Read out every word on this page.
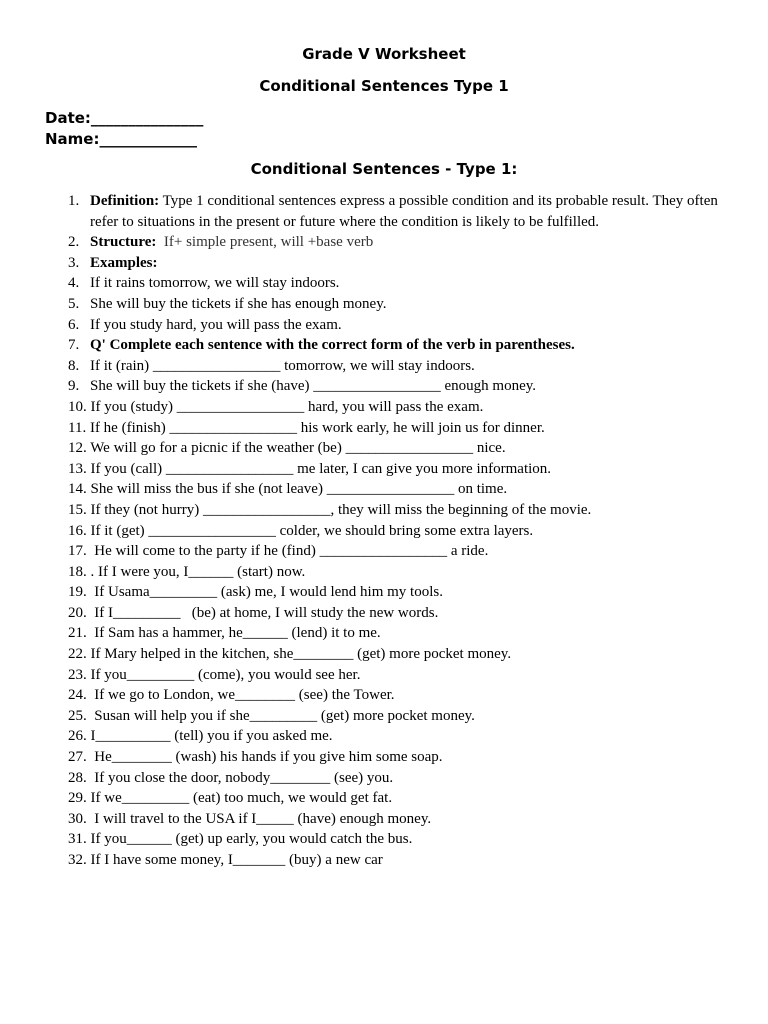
Grade V Worksheet
Conditional Sentences Type 1
Date:_______________
Name:_____________
Conditional Sentences - Type 1:
1. Definition: Type 1 conditional sentences express a possible condition and its probable result. They often refer to situations in the present or future where the condition is likely to be fulfilled.
2. Structure:  If+ simple present, will +base verb
3. Examples:
4. If it rains tomorrow, we will stay indoors.
5. She will buy the tickets if she has enough money.
6. If you study hard, you will pass the exam.
7. Q' Complete each sentence with the correct form of the verb in parentheses.
8. If it (rain) _________________ tomorrow, we will stay indoors.
9. She will buy the tickets if she (have) _________________ enough money.
10. If you (study) _________________ hard, you will pass the exam.
11. If he (finish) _________________ his work early, he will join us for dinner.
12. We will go for a picnic if the weather (be) _________________ nice.
13. If you (call) _________________ me later, I can give you more information.
14. She will miss the bus if she (not leave) _________________ on time.
15. If they (not hurry) _________________, they will miss the beginning of the movie.
16. If it (get) _________________ colder, we should bring some extra layers.
17.  He will come to the party if he (find) _________________ a ride.
18. . If I were you, I______ (start) now.
19.  If Usama_________ (ask) me, I would lend him my tools.
20.  If I_________   (be) at home, I will study the new words.
21.  If Sam has a hammer, he______ (lend) it to me.
22. If Mary helped in the kitchen, she________ (get) more pocket money.
23. If you_________ (come), you would see her.
24.  If we go to London, we________ (see) the Tower.
25.  Susan will help you if she_________ (get) more pocket money.
26. I__________ (tell) you if you asked me.
27.  He________ (wash) his hands if you give him some soap.
28.  If you close the door, nobody________ (see) you.
29. If we_________ (eat) too much, we would get fat.
30.  I will travel to the USA if I_____ (have) enough money.
31. If you______ (get) up early, you would catch the bus.
32. If I have some money, I_______ (buy) a new car
